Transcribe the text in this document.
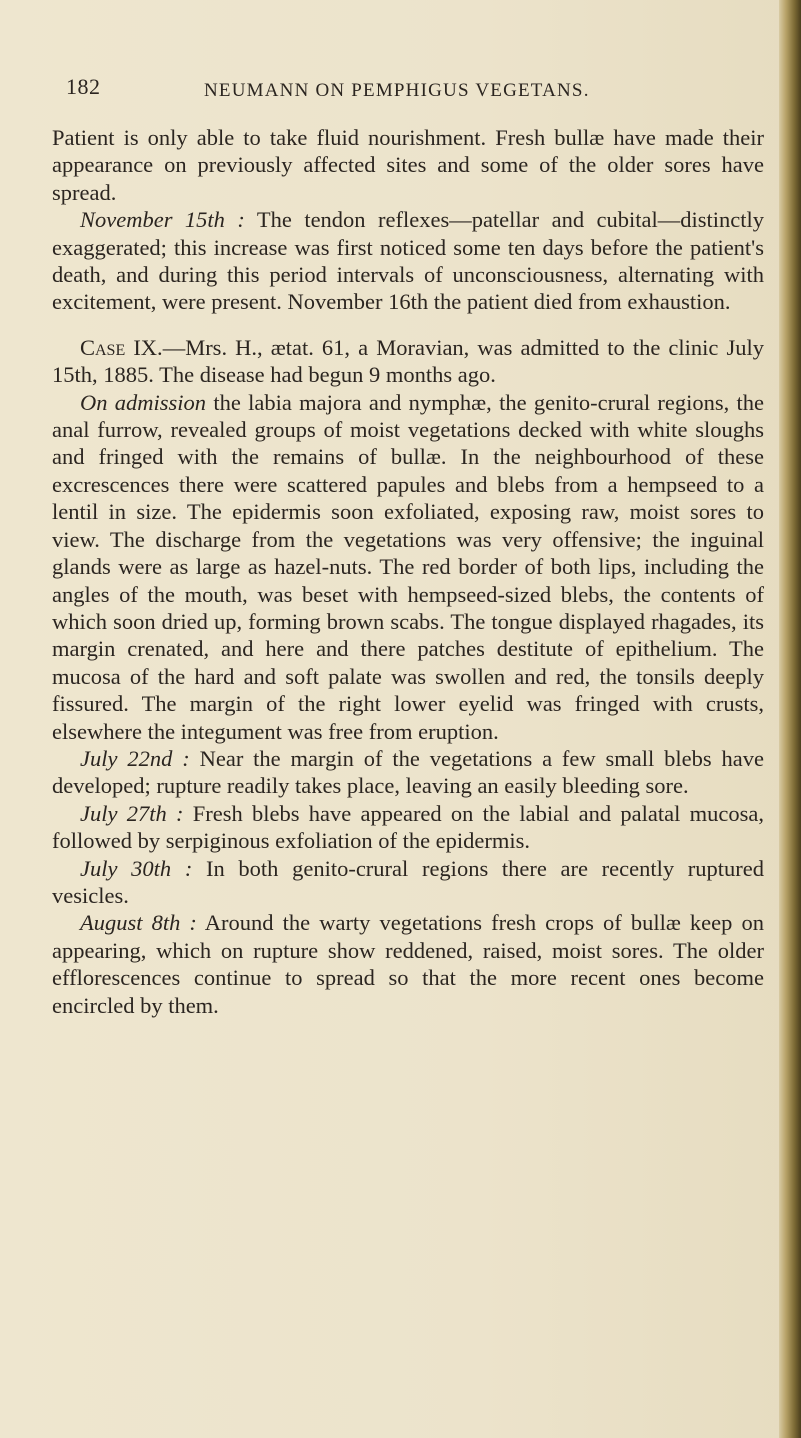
182	NEUMANN ON PEMPHIGUS VEGETANS.

Patient is only able to take fluid nourishment. Fresh bullæ have made their appearance on previously affected sites and some of the older sores have spread.

November 15th : The tendon reflexes—patellar and cubital—distinctly exaggerated; this increase was first noticed some ten days before the patient's death, and during this period intervals of unconsciousness, alternating with excitement, were present. November 16th the patient died from exhaustion.

Case IX.—Mrs. H., ætat. 61, a Moravian, was admitted to the clinic July 15th, 1885. The disease had begun 9 months ago.

On admission the labia majora and nymphæ, the genito-crural regions, the anal furrow, revealed groups of moist vegetations decked with white sloughs and fringed with the remains of bullæ. In the neighbourhood of these excrescences there were scattered papules and blebs from a hempseed to a lentil in size. The epidermis soon exfoliated, exposing raw, moist sores to view. The discharge from the vegetations was very offensive; the inguinal glands were as large as hazel-nuts. The red border of both lips, including the angles of the mouth, was beset with hempseed-sized blebs, the contents of which soon dried up, forming brown scabs. The tongue displayed rhagades, its margin crenated, and here and there patches destitute of epithelium. The mucosa of the hard and soft palate was swollen and red, the tonsils deeply fissured. The margin of the right lower eyelid was fringed with crusts, elsewhere the integument was free from eruption.

July 22nd : Near the margin of the vegetations a few small blebs have developed; rupture readily takes place, leaving an easily bleeding sore.

July 27th : Fresh blebs have appeared on the labial and palatal mucosa, followed by serpiginous exfoliation of the epidermis.

July 30th : In both genito-crural regions there are recently ruptured vesicles.

August 8th : Around the warty vegetations fresh crops of bullæ keep on appearing, which on rupture show reddened, raised, moist sores. The older efflorescences continue to spread so that the more recent ones become encircled by them.
